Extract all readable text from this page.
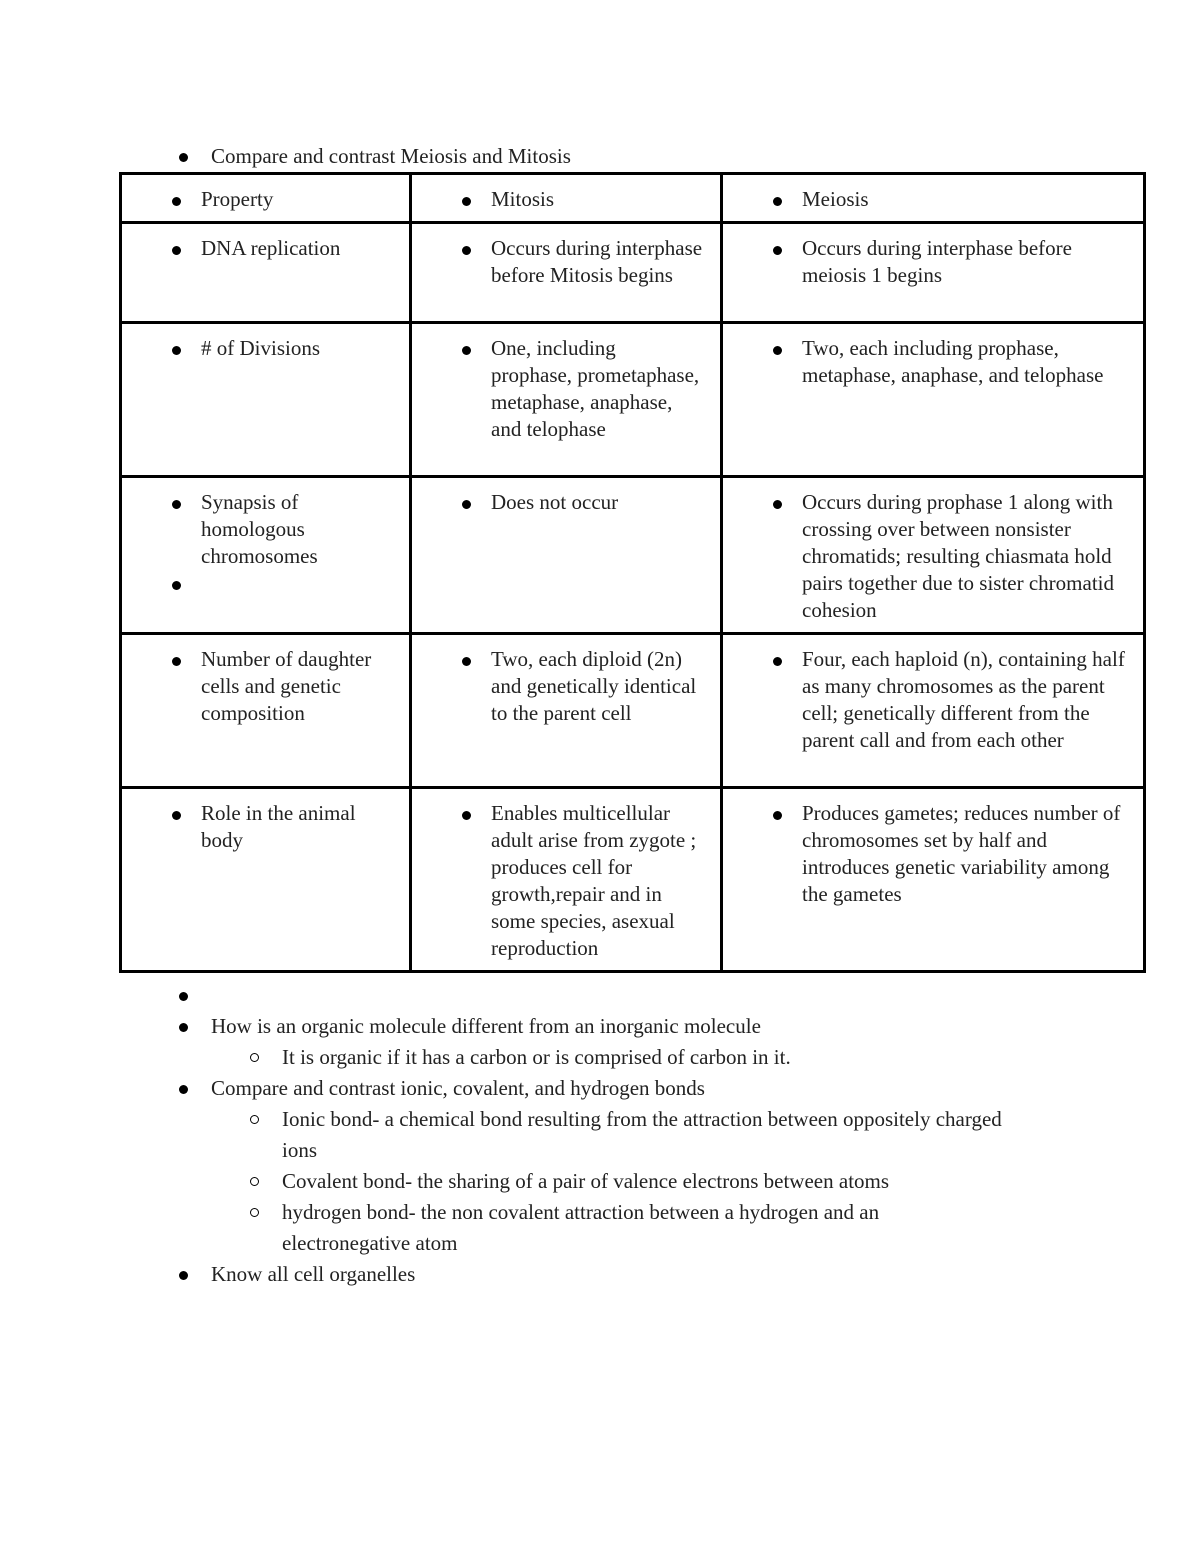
Compare and contrast Meiosis and Mitosis
Property	Mitosis	Meiosis

DNA replication	Occurs during interphase before Mitosis begins	Occurs during interphase before meiosis 1 begins

# of Divisions	One, including prophase, prometaphase, metaphase, anaphase, and telophase	Two, each including prophase, metaphase, anaphase, and telophase

Synapsis of homologous chromosomes	Does not occur	Occurs during prophase 1 along with crossing over between nonsister chromatids; resulting chiasmata hold pairs together due to sister chromatid cohesion

Number of daughter cells and genetic composition	Two, each diploid (2n) and genetically identical to the parent cell	Four, each haploid (n), containing half as many chromosomes as the parent cell; genetically different from the parent call and from each other

Role in the animal body	Enables multicellular adult arise from zygote ; produces cell for growth,repair and in some species, asexual reproduction	Produces gametes; reduces number of chromosomes set by half and introduces genetic variability among the gametes
How is an organic molecule different from an inorganic molecule
It is organic if it has a carbon or is comprised of carbon in it.
Compare and contrast ionic, covalent, and hydrogen bonds
Ionic bond- a chemical bond resulting from the attraction between oppositely charged ions
Covalent bond- the sharing of a pair of valence electrons between atoms
hydrogen bond- the non covalent attraction between a hydrogen and an electronegative atom
Know all cell organelles
